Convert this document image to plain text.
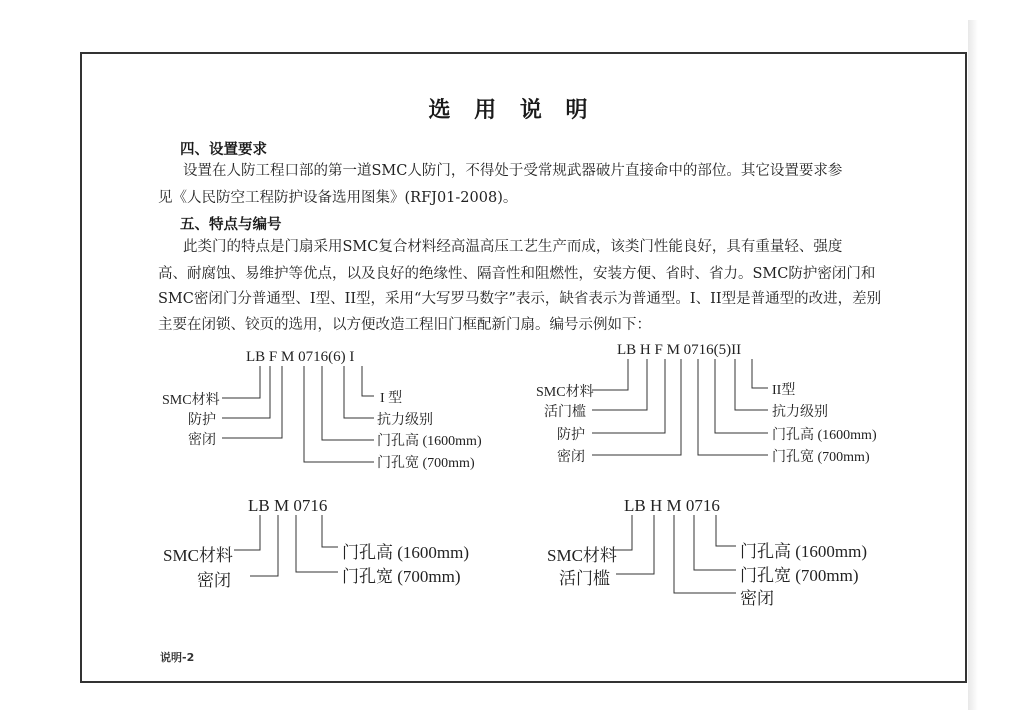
选 用 说 明
四、设置要求
设置在人防工程口部的第一道SMC人防门，不得处于受常规武器破片直接命中的部位。其它设置要求参
见《人民防空工程防护设备选用图集》(RFJ01-2008)。
五、特点与编号
此类门的特点是门扇采用SMC复合材料经高温高压工艺生产而成，该类门性能良好，具有重量轻、强度
高、耐腐蚀、易维护等优点，以及良好的绝缘性、隔音性和阻燃性，安装方便、省时、省力。SMC防护密闭门和
SMC密闭门分普通型、I型、II型，采用“大写罗马数字”表示，缺省表示为普通型。I、II型是普通型的改进，差别
主要在闭锁、铰页的选用，以方便改造工程旧门框配新门扇。编号示例如下：
LB F M 0716(6) I
SMC材料
防护
密闭
I 型
抗力级别
门孔高 (1600mm)
门孔宽 (700mm)
LB H F M 0716(5)II
SMC材料
活门槛
防护
密闭
II型
抗力级别
门孔高 (1600mm)
门孔宽 (700mm)
LB M 0716
SMC材料
密闭
门孔高 (1600mm)
门孔宽 (700mm)
LB H M 0716
SMC材料
活门槛
门孔高 (1600mm)
门孔宽 (700mm)
密闭
说明-2
